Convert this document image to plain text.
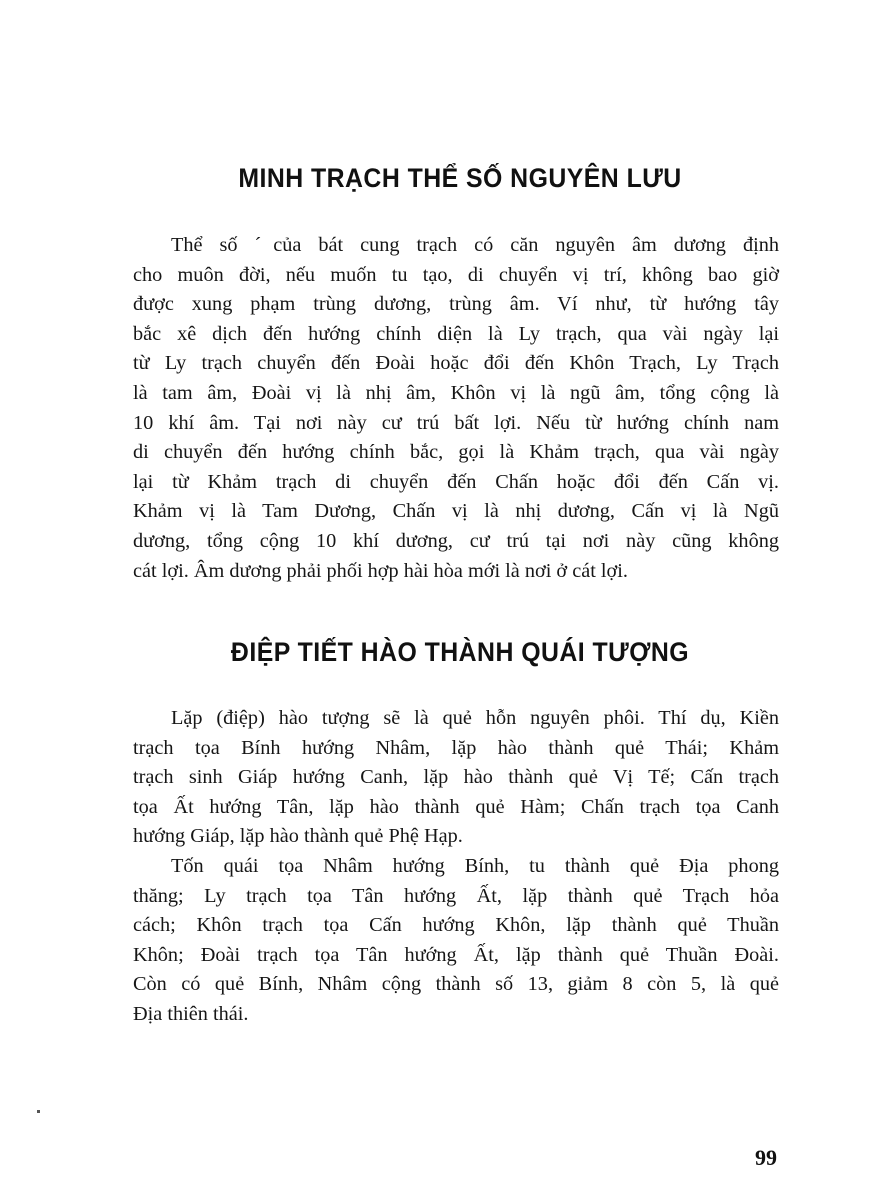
MINH TRẠCH THỂ SỐ NGUYÊN LƯU
Thể số ˊcủa bát cung trạch có căn nguyên âm dương định
cho muôn đời, nếu muốn tu tạo, di chuyển vị trí, không bao giờ
được xung phạm trùng dương, trùng âm. Ví như, từ hướng tây
bắc xê dịch đến hướng chính diện là Ly trạch, qua vài ngày lại
từ Ly trạch chuyển đến Đoài hoặc đổi đến Khôn Trạch, Ly Trạch
là tam âm, Đoài vị là nhị âm, Khôn vị là ngũ âm, tổng cộng là
10 khí âm. Tại nơi này cư trú bất lợi. Nếu từ hướng chính nam
di chuyển đến hướng chính bắc, gọi là Khảm trạch, qua vài ngày
lại từ Khảm trạch di chuyển đến Chấn hoặc đổi đến Cấn vị.
Khảm vị là Tam Dương, Chấn vị là nhị dương, Cấn vị là Ngũ
dương, tổng cộng 10 khí dương, cư trú tại nơi này cũng không
cát lợi. Âm dương phải phối hợp hài hòa mới là nơi ở cát lợi.
ĐIỆP TIẾT HÀO THÀNH QUÁI TƯỢNG
Lặp (điệp) hào tượng sẽ là quẻ hỗn nguyên phôi. Thí dụ, Kiền
trạch tọa Bính hướng Nhâm, lặp hào thành quẻ Thái; Khảm
trạch sinh Giáp hướng Canh, lặp hào thành quẻ Vị Tế; Cấn trạch
tọa Ất hướng Tân, lặp hào thành quẻ Hàm; Chấn trạch tọa Canh
hướng Giáp, lặp hào thành quẻ Phệ Hạp.
Tốn quái tọa Nhâm hướng Bính, tu thành quẻ Địa phong
thăng; Ly trạch tọa Tân hướng Ất, lặp thành quẻ Trạch hỏa
cách; Khôn trạch tọa Cấn hướng Khôn, lặp thành quẻ Thuần
Khôn; Đoài trạch tọa Tân hướng Ất, lặp thành quẻ Thuần Đoài.
Còn có quẻ Bính, Nhâm cộng thành số 13, giảm 8 còn 5, là quẻ
Địa thiên thái.
99
